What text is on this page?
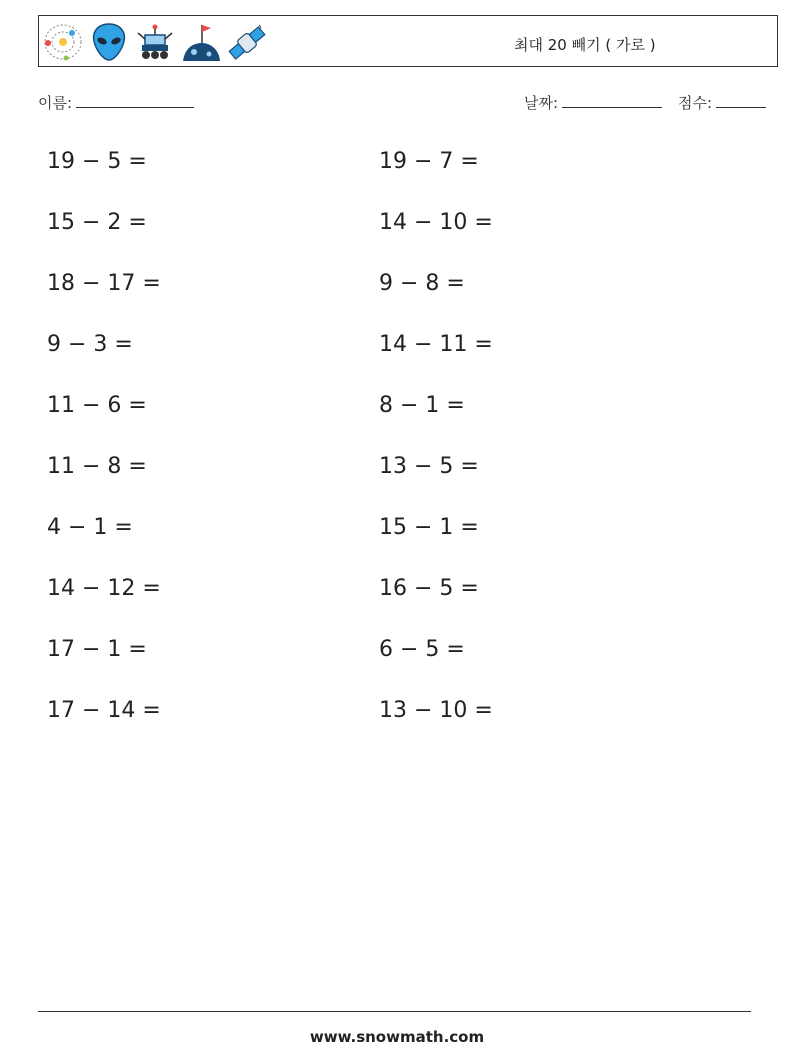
최대 20 빼기 ( 가로 )
이름:	날짜:	점수:
19 − 5 =
15 − 2 =
18 − 17 =
9 − 3 =
11 − 6 =
11 − 8 =
4 − 1 =
14 − 12 =
17 − 1 =
17 − 14 =
19 − 7 =
14 − 10 =
9 − 8 =
14 − 11 =
8 − 1 =
13 − 5 =
15 − 1 =
16 − 5 =
6 − 5 =
13 − 10 =
www.snowmath.com
